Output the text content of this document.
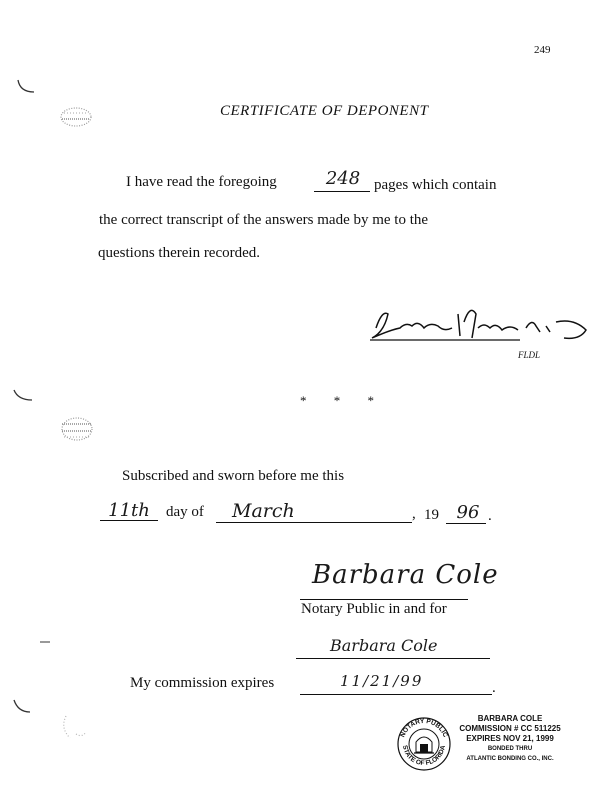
249
CERTIFICATE OF DEPONENT
I have read the foregoing	248 pages which contain
the correct transcript of the answers made by me to the
questions therein recorded.
FLDL
* * *
Subscribed and sworn before me this
11th day of March	, 19 96 .
Barbara Cole
Notary Public in and for
Barbara Cole
My commission expires	11/21/99	.
NOTARY PUBLIC
STATE OF FLORIDA
BARBARA COLE
COMMISSION # CC 511225
EXPIRES NOV 21, 1999
BONDED THRU
ATLANTIC BONDING CO., INC.
